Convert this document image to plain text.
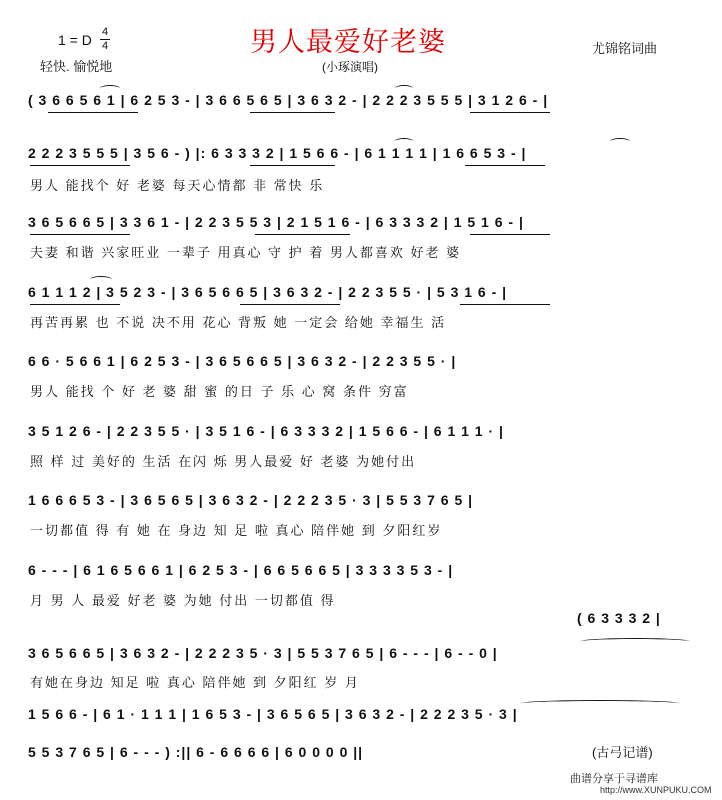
1 = D 4
4
轻快. 愉悦地
男人最爱好老婆
(小琢演唱)
尤锦铭词曲
( 3 6 6 5 6 1 | 6 2 5 3 - | 3 6 6 5 6 5 | 3 6 3 2 - | 2 2 2 3 5 5 5 | 3 1 2 6 - |
2 2 2 3 5 5 5 | 3 5 6 - ) |: 6 3 3 3 2 | 1 5 6 6 - | 6 1 1 1 1 | 1 6 6 5 3 - |
男人 能找个 好 老婆 每天心情都 非 常快 乐
3 6 5 6 6 5 | 3 3 6 1 - | 2 2 3 5 5 3 | 2 1 5 1 6 - | 6 3 3 3 2 | 1 5 1 6 - |
夫妻 和谐 兴家旺业 一辈子 用真心 守 护 着 男人都喜欢 好老 婆
6 1 1 1 2 | 3 5 2 3 - | 3 6 5 6 6 5 | 3 6 3 2 - | 2 2 3 5 5 · | 5 3 1 6 - |
再苦再累 也 不说 决不用 花心 背叛 她 一定会 给她 幸福生 活
6 6 · 5 6 6 1 | 6 2 5 3 - | 3 6 5 6 6 5 | 3 6 3 2 - | 2 2 3 5 5 · |
男人 能找 个 好 老 婆 甜 蜜 的日 子 乐 心 窝 条件 穷富
3 5 1 2 6 - | 2 2 3 5 5 · | 3 5 1 6 - | 6 3 3 3 2 | 1 5 6 6 - | 6 1 1 1 · |
照 样 过 美好的 生活 在闪 烁 男人最爱 好 老婆 为她付出
1 6 6 6 5 3 - | 3 6 5 6 5 | 3 6 3 2 - | 2 2 2 3 5 · 3 | 5 5 3 7 6 5 |
一切都值 得 有 她 在 身边 知 足 啦 真心 陪伴她 到 夕阳红岁
6 - - - | 6 1 6 5 6 6 1 | 6 2 5 3 - | 6 6 5 6 6 5 | 3 3 3 3 5 3 - |
月 男 人 最爱 好老 婆 为她 付出 一切都值 得
( 6 3 3 3 2 |
3 6 5 6 6 5 | 3 6 3 2 - | 2 2 2 3 5 · 3 | 5 5 3 7 6 5 | 6 - - - | 6 - - 0 |
有她在身边 知足 啦 真心 陪伴她 到 夕阳红 岁 月
1 5 6 6 - | 6 1 · 1 1 1 | 1 6 5 3 - | 3 6 5 6 5 | 3 6 3 2 - | 2 2 2 3 5 · 3 |
5 5 3 7 6 5 | 6 - - - ) :|| 6 - 6 6 6 6 | 6 0 0 0 0 ||	(古弓记谱)
曲谱分享于寻谱库
http://www.XUNPUKU.COM
